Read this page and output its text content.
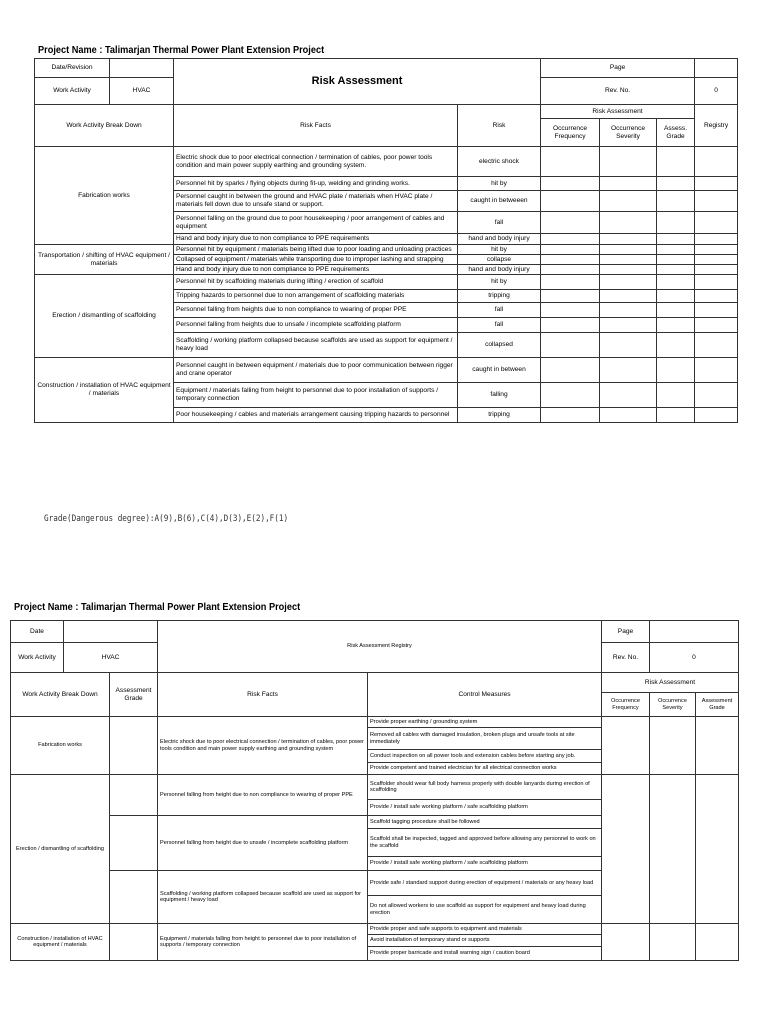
Project Name : Talimarjan Thermal Power Plant Extension Project
Date/Revision		Risk Assessment		Page			
Work Activity	HVAC			Rev. No.			0
Work Activity Break Down		Risk Facts	Risk	Risk Assessment			Registry
				Occurrence Frequency	Occurrence Severity	Assess. Grade	
Fabrication works		Electric shock due to poor electrical connection / termination of cables, poor power tools condition and main power supply earthing and grounding system.	electric shock				
		Personnel hit by sparks / flying objects during fit-up, welding and grinding works.	hit by				
		Personnel caught in between the ground and HVAC plate / materials when HVAC plate / materials fell down due to unsafe stand or support.	caught in betweeen				
		Personnel falling on the ground due to poor housekeeping / poor arrangement of cables and equipment	fall				
		Hand and body injury due to non compliance to PPE requirements	hand and body injury				
Transportation / shifting of HVAC equipment / materials		Personnel hit by equipment / materials being lifted due to poor loading and unloading practices	hit by				
		Collapsed of equipment / materials while transporting due to improper lashing and strapping	collapse				
		Hand and body injury due to non compliance to PPE requirements	hand and body injury				
Erection / dismantling of scaffolding		Personnel hit by scaffolding materials during lifting / erection of scaffold	hit by				
		Tripping hazards to personnel due to non arrangement of scaffolding materials	tripping				
		Personnel falling from heights due to non compliance to wearing of proper PPE	fall				
		Personnel falling from heights due to unsafe / incomplete scaffolding platform	fall				
		Scaffolding / working platform collapsed because scaffolds are used as support for equipment / heavy load	collapsed				
Construction / installation of HVAC equipment / materials		Personnel caught in between equipment / materials due to poor communication between rigger and crane operator	caught in between				
		Equipment / materials falling from height to personnel due to poor installation of supports / temporary connection	falling				
		Poor housekeeping / cables and materials arrangement causing tripping hazards to personnel	tripping				
Grade(Dangerous degree):A(9),B(6),C(4),D(3),E(2),F(1)
Project Name : Talimarjan Thermal Power Plant Extension Project
Date			Risk Assessment Registry		Page		
Work Activity	HVAC				Rev. No.	0	
Work Activity Break Down		Assessment Grade	Risk Facts	Control Measures	Risk Assessment		
					Occurrence Frequency	Occurrence Severity	Assessment Grade
Fabrication works			Electric shock due to poor electrical connection / termination of cables, poor power tools condition and main power supply earthing and grounding system	Provide proper earthing / grounding system			
				Removed all cables with damaged insulation, broken plugs and unsafe tools at site immediately			
				Conduct inspection on all power tools and extension cables before starting any job.			
				Provide competent and trained electrician for all electrical connection works			
Erection / dismantling of scaffolding			Personnel falling from height due to non compliance to wearing of proper PPE	Scaffolder should wear full body harness properly with double lanyards during erection of scaffolding			
				Provide / install safe working platform / safe scaffolding platform			
			Personnel falling from height due to unsafe / incomplete scaffolding platform	Scaffold tagging procedure shall be followed			
				Scaffold shall be inspected, tagged and approved before allowing any personnel to work on the scaffold			
				Provide / install safe working platform / safe scaffolding platform			
			Scaffolding / working platform collapsed because scaffold are used as support for equipment / heavy load	Provide safe / standard support during erection of equipment / materials or any heavy load			
				Do not allowed workers to use scaffold as support for equipment and heavy load during erection			
Construction / installation of HVAC equipment / materials			Equipment / materials falling from height to personnel due to poor installation of supports / temporary connection	Provide proper and safe supports to equipment and materials			
				Avoid installation of temporary stand or supports			
				Provide proper barricade and install warning sign / caution board			
